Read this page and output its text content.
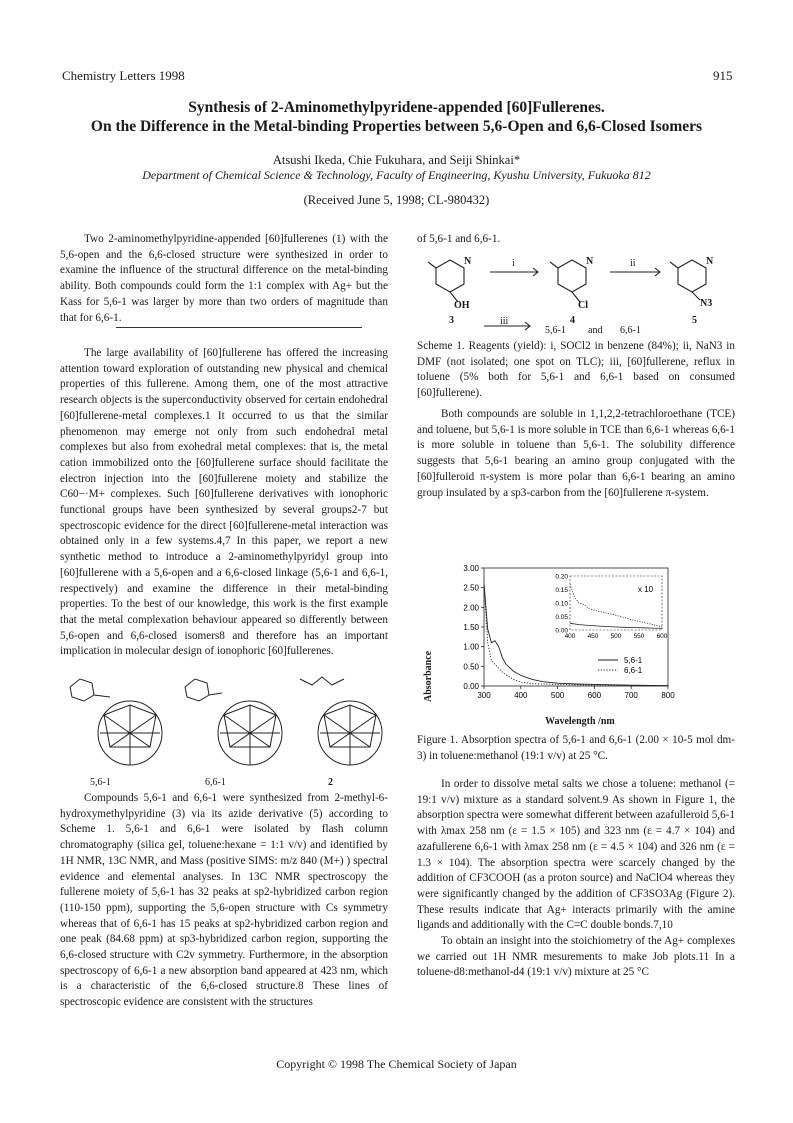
Chemistry Letters 1998	915
Synthesis of 2-Aminomethylpyridene-appended [60]Fullerenes.
On the Difference in the Metal-binding Properties between 5,6-Open and 6,6-Closed Isomers
Atsushi Ikeda, Chie Fukuhara, and Seiji Shinkai*
Department of Chemical Science & Technology, Faculty of Engineering, Kyushu University, Fukuoka 812
(Received June 5, 1998; CL-980432)

Two 2-aminomethylpyridine-appended [60]fullerenes (1) with the 5,6-open and the 6,6-closed structure were synthesized in order to examine the influence of the structural difference on the metal-binding ability. Both compounds could form the 1:1 complex with Ag+ but the Kass for 5,6-1 was larger by more than two orders of magnitude than that for 6,6-1.

The large availability of [60]fullerene has offered the increasing attention toward exploration of outstanding new physical and chemical properties of this fullerene. Among them, one of the most attractive research objects is the superconductivity observed for certain endohedral [60]fullerene-metal complexes.1 It occurred to us that the similar phenomenon may emerge not only from such endohedral metal complexes but also from exohedral metal complexes: that is, the metal cation immobilized onto the [60]fullerene surface should facilitate the electron injection into the [60]fullerene moiety and stabilize the C60−·M+ complexes. Such [60]fullerene derivatives with ionophoric functional groups have been synthesized by several groups2-7 but spectroscopic evidence for the direct [60]fullerene-metal interaction was obtained only in a few systems.4,7 In this paper, we report a new synthetic method to introduce a 2-aminomethylpyridyl group into [60]fullerene with a 5,6-open and a 6,6-closed linkage (5,6-1 and 6,6-1, respectively) and examine the difference in their metal-binding properties. To the best of our knowledge, this work is the first example that the metal complexation behaviour appeared so differently between 5,6-open and 6,6-closed isomers8 and therefore has an important implication in molecular design of ionophoric [60]fullerenes.

5,6-1	6,6-1	2

Compounds 5,6-1 and 6,6-1 were synthesized from 2-methyl-6-hydroxymethylpyridine (3) via its azide derivative (5) according to Scheme 1. 5,6-1 and 6,6-1 were isolated by flash column chromatography (silica gel, toluene:hexane = 1:1 v/v) and identified by 1H NMR, 13C NMR, and Mass (positive SIMS: m/z 840 (M+) ) spectral evidence and elemental analyses. In 13C NMR spectroscopy the fullerene moiety of 5,6-1 has 32 peaks at sp2-hybridized carbon region (110-150 ppm), supporting the 5,6-open structure with Cs symmetry whereas that of 6,6-1 has 15 peaks at sp2-hybridized carbon region and one peak (84.68 ppm) at sp3-hybridized carbon region, supporting the 6,6-closed structure with C2v symmetry. Furthermore, in the absorption spectroscopy of 6,6-1 a new absorption band appeared at 423 nm, which is a characteristic of the 6,6-closed structure.8 These lines of spectroscopic evidence are consistent with the structures

of 5,6-1 and 6,6-1.

N	N	N
i	ii
OH	Cl	N3
3	4	5
iii
5,6-1 and 6,6-1
Scheme 1. Reagents (yield): i, SOCl2 in benzene (84%); ii, NaN3 in DMF (not isolated; one spot on TLC); iii, [60]fullerene, reflux in toluene (5% both for 5,6-1 and 6,6-1 based on consumed [60]fullerene).

Both compounds are soluble in 1,1,2,2-tetrachloroethane (TCE) and toluene, but 5,6-1 is more soluble in TCE than 6,6-1 whereas 6,6-1 is more soluble in toluene than 5,6-1. The solubility difference suggests that 5,6-1 bearing an amino group conjugated with the [60]fulleroid π-system is more polar than 6,6-1 bearing an amino group insulated by a sp3-carbon from the [60]fullerene π-system.

300	400	500	600	700	800
0.00
0.50
1.00
1.50
2.00
2.50
3.00
400 450 500 550 600
0.00
0.05
0.10
0.15
0.20
x 10
5,6-1
6,6-1
Absorbance
Wavelength /nm
Figure 1. Absorption spectra of 5,6-1 and 6,6-1 (2.00 × 10-5 mol dm-3) in toluene:methanol (19:1 v/v) at 25 °C.

In order to dissolve metal salts we chose a toluene: methanol (= 19:1 v/v) mixture as a standard solvent.9 As shown in Figure 1, the absorption spectra were somewhat different between azafulleroid 5,6-1 with λmax 258 nm (ε = 1.5 × 105) and 323 nm (ε = 4.7 × 104) and azafullerene 6,6-1 with λmax 258 nm (ε = 4.5 × 104) and 326 nm (ε = 1.3 × 104). The absorption spectra were scarcely changed by the addition of CF3COOH (as a proton source) and NaClO4 whereas they were significantly changed by the addition of CF3SO3Ag (Figure 2). These results indicate that Ag+ interacts primarily with the amine ligands and additionally with the C=C double bonds.7,10

To obtain an insight into the stoichiometry of the Ag+ complexes we carried out 1H NMR mesurements to make Job plots.11 In a toluene-d8:methanol-d4 (19:1 v/v) mixture at 25 °C

Copyright © 1998 The Chemical Society of Japan
